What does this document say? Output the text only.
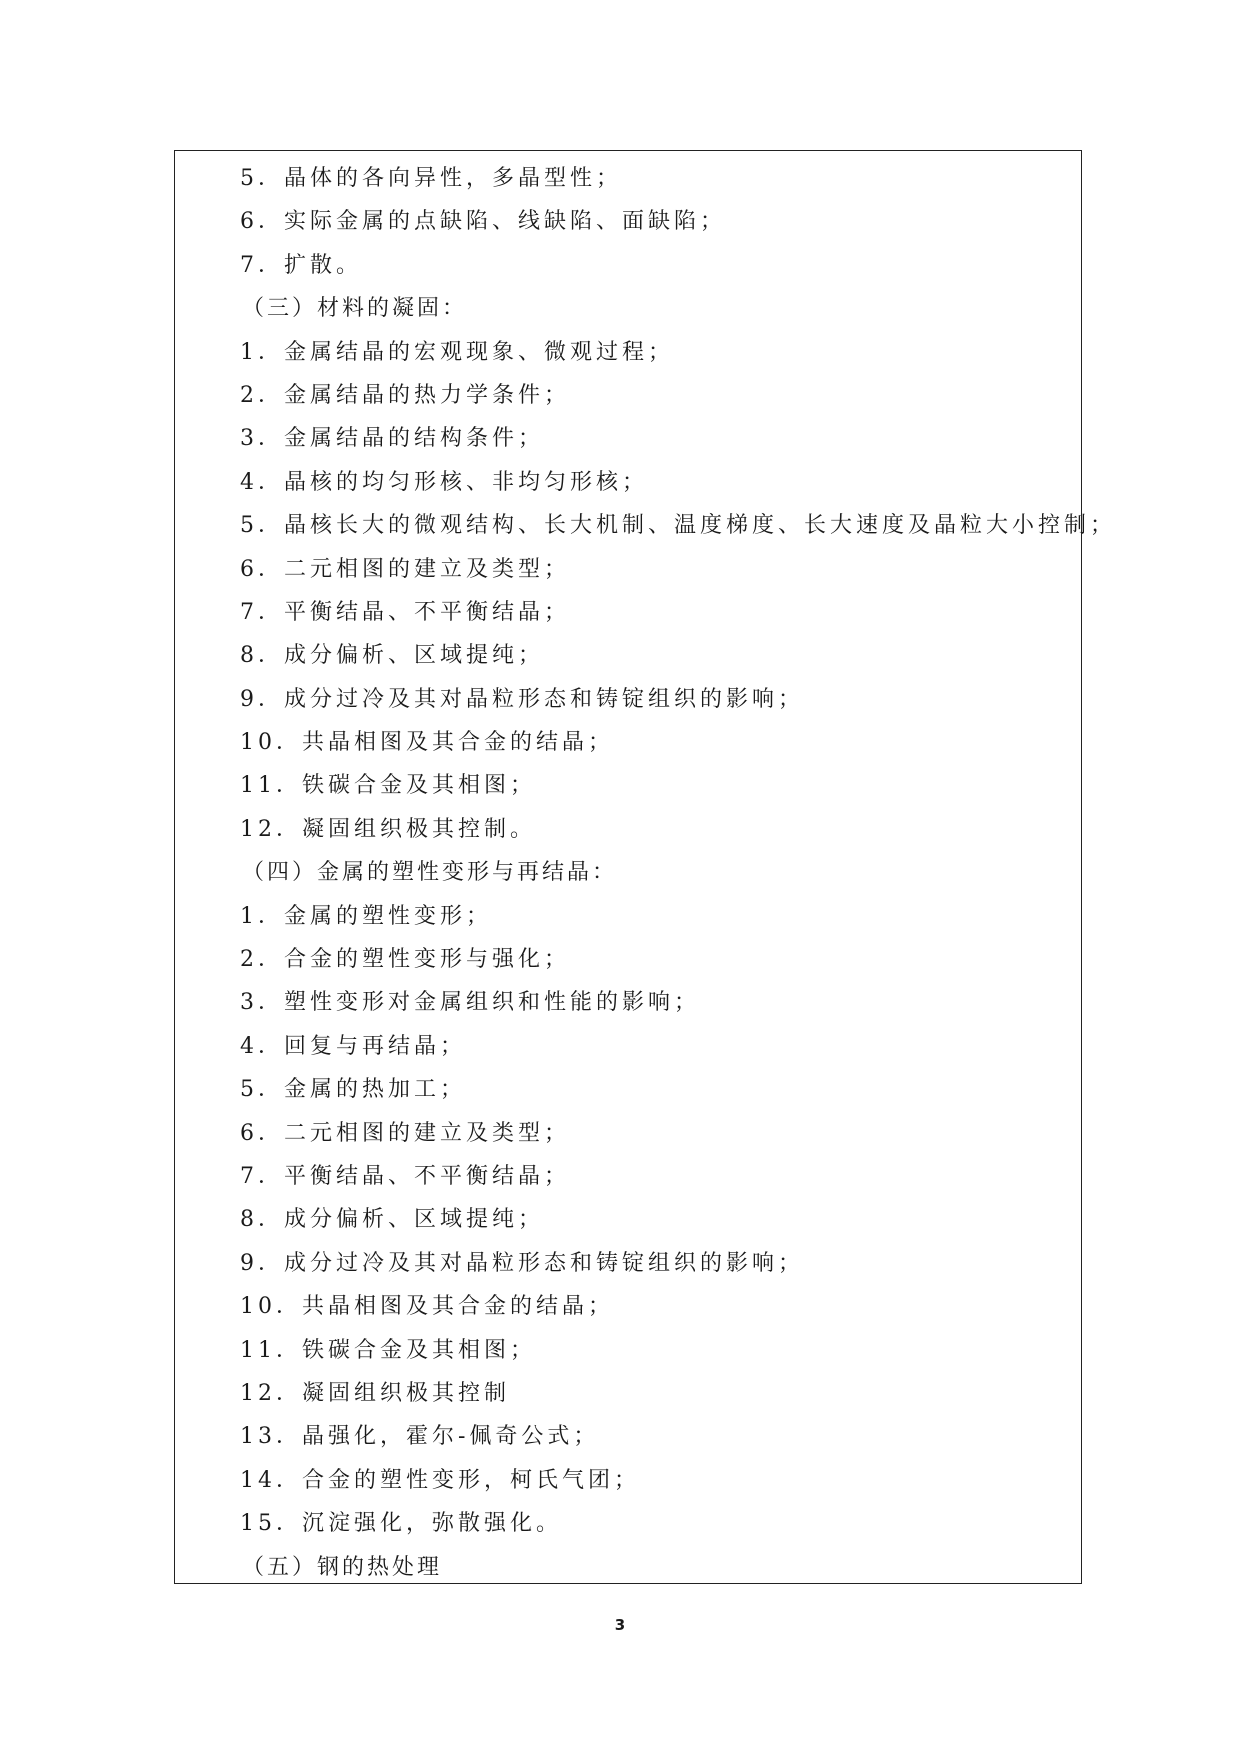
5．晶体的各向异性，多晶型性；
6．实际金属的点缺陷、线缺陷、面缺陷；
7．扩散。
（三）材料的凝固：
1．金属结晶的宏观现象、微观过程；
2．金属结晶的热力学条件；
3．金属结晶的结构条件；
4．晶核的均匀形核、非均匀形核；
5．晶核长大的微观结构、长大机制、温度梯度、长大速度及晶粒大小控制；
6．二元相图的建立及类型；
7．平衡结晶、不平衡结晶；
8．成分偏析、区域提纯；
9．成分过冷及其对晶粒形态和铸锭组织的影响；
10．共晶相图及其合金的结晶；
11．铁碳合金及其相图；
12．凝固组织极其控制。
（四）金属的塑性变形与再结晶：
1．金属的塑性变形；
2．合金的塑性变形与强化；
3．塑性变形对金属组织和性能的影响；
4．回复与再结晶；
5．金属的热加工；
6．二元相图的建立及类型；
7．平衡结晶、不平衡结晶；
8．成分偏析、区域提纯；
9．成分过冷及其对晶粒形态和铸锭组织的影响；
10．共晶相图及其合金的结晶；
11．铁碳合金及其相图；
12．凝固组织极其控制
13．晶强化，霍尔-佩奇公式；
14．合金的塑性变形，柯氏气团；
15．沉淀强化，弥散强化。
（五）钢的热处理
3
